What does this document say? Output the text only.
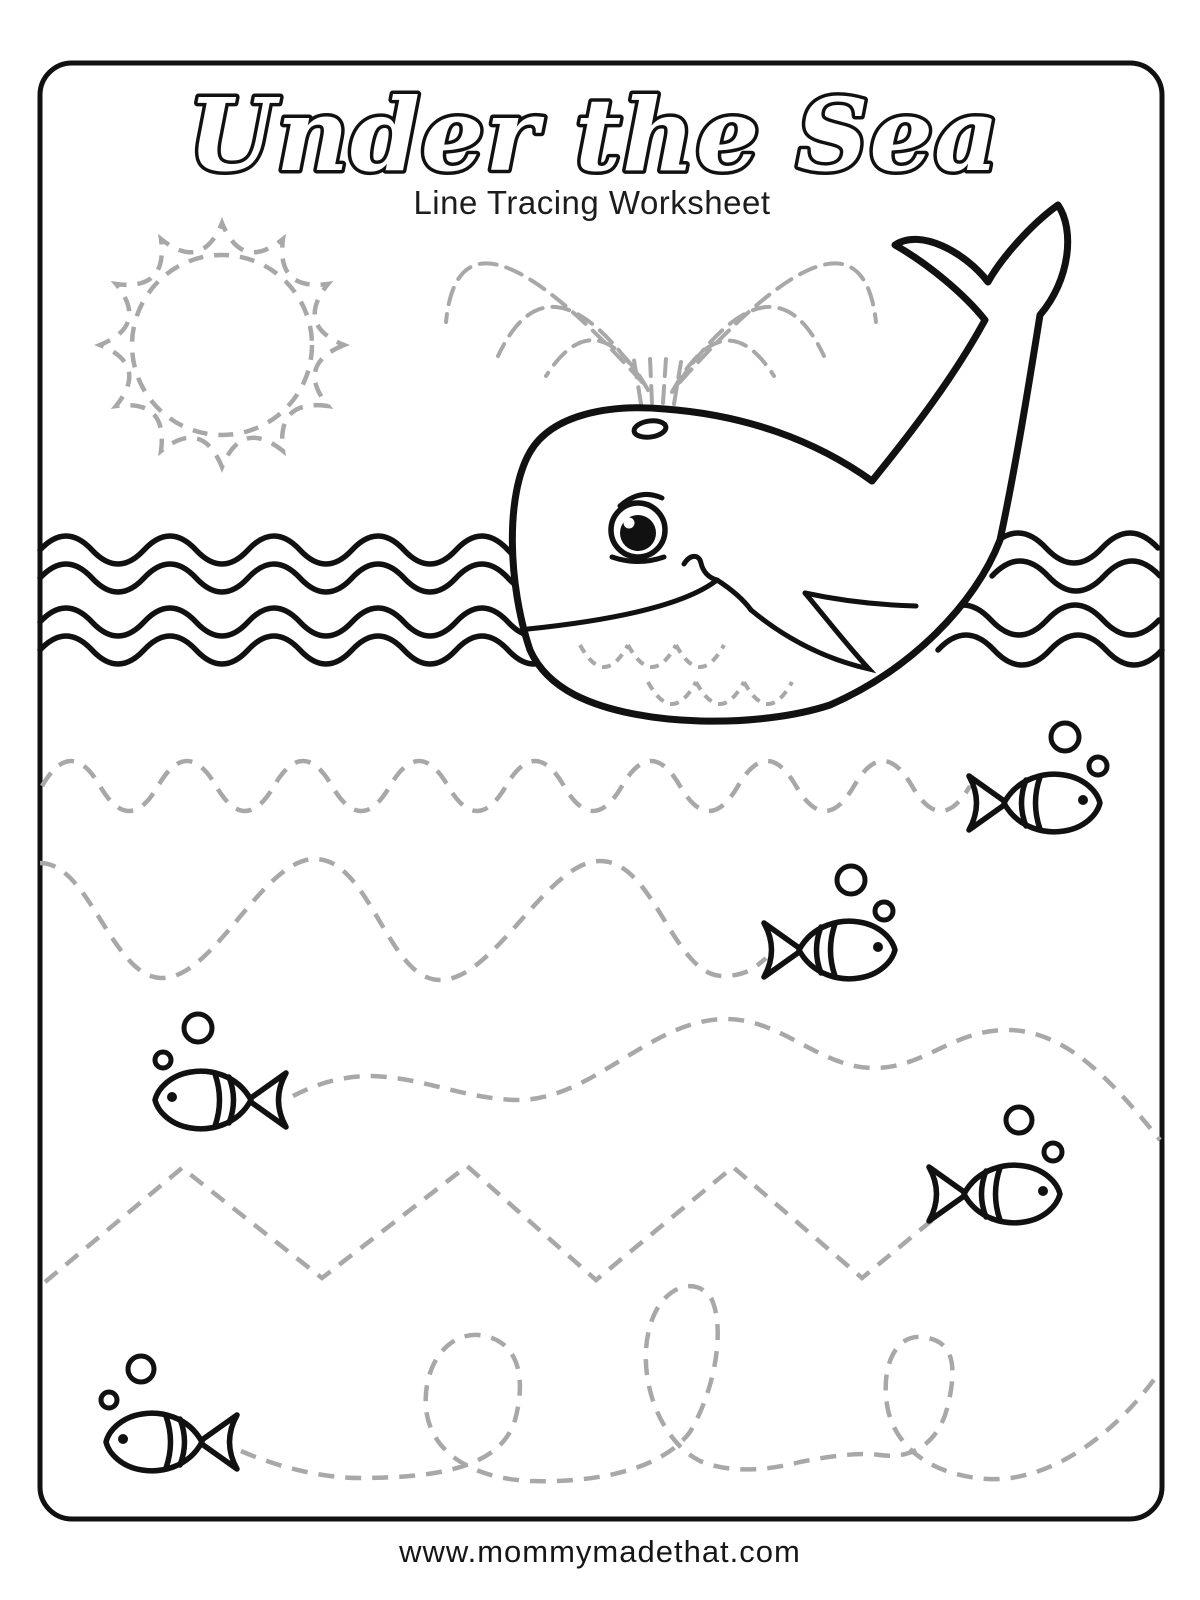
Under the Sea
Line Tracing Worksheet
www.mommymadethat.com
